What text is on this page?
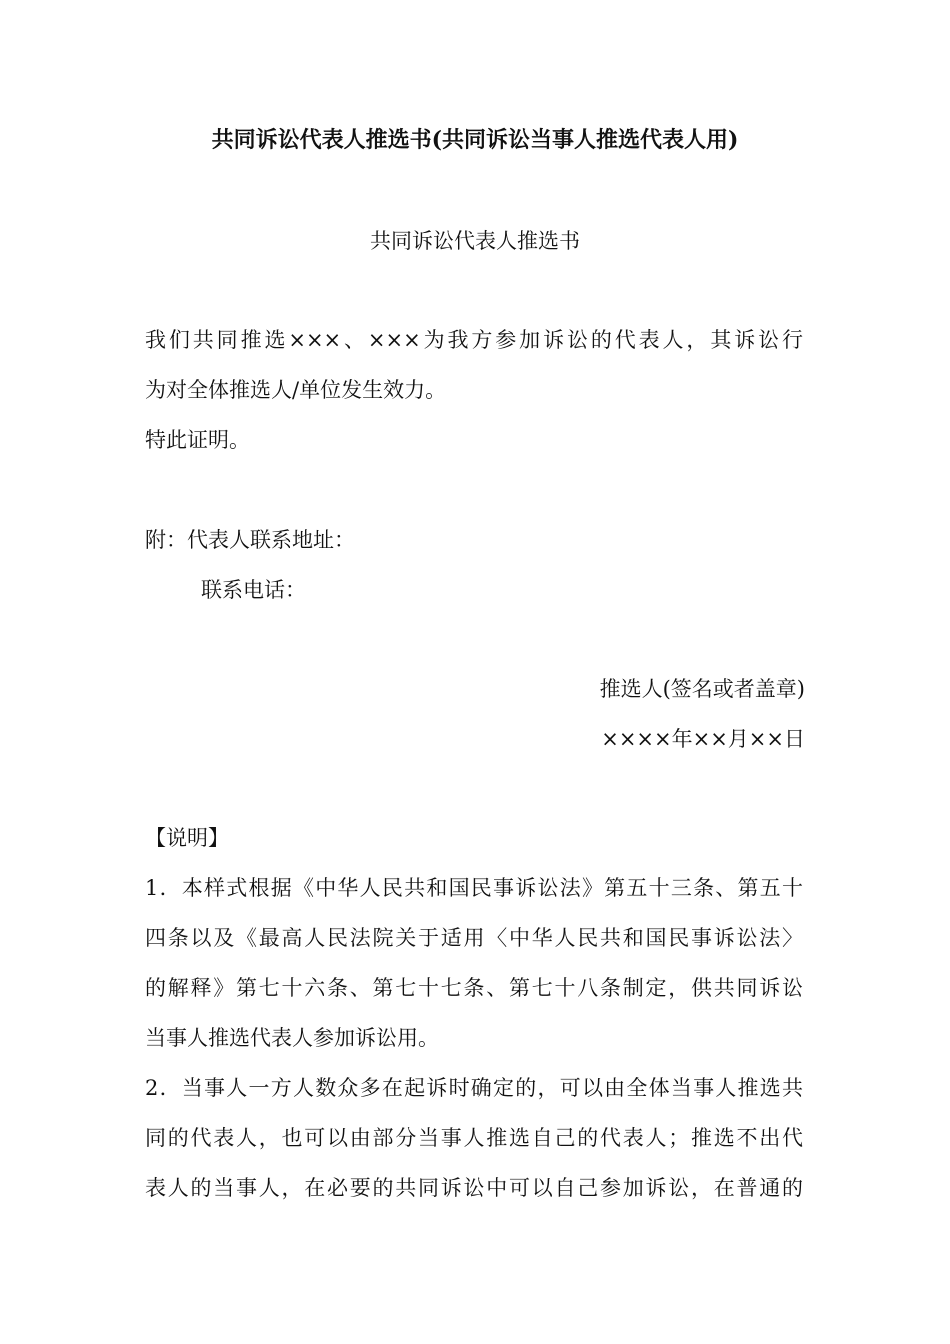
共同诉讼代表人推选书(共同诉讼当事人推选代表人用)
共同诉讼代表人推选书
我们共同推选×××、×××为我方参加诉讼的代表人，其诉讼行
为对全体推选人/单位发生效力。
特此证明。
附：代表人联系地址：
联系电话：
推选人(签名或者盖章)
××××年××月××日
【说明】
1．本样式根据《中华人民共和国民事诉讼法》第五十三条、第五十
四条以及《最高人民法院关于适用〈中华人民共和国民事诉讼法〉
的解释》第七十六条、第七十七条、第七十八条制定，供共同诉讼
当事人推选代表人参加诉讼用。
2．当事人一方人数众多在起诉时确定的，可以由全体当事人推选共
同的代表人，也可以由部分当事人推选自己的代表人；推选不出代
表人的当事人，在必要的共同诉讼中可以自己参加诉讼，在普通的
